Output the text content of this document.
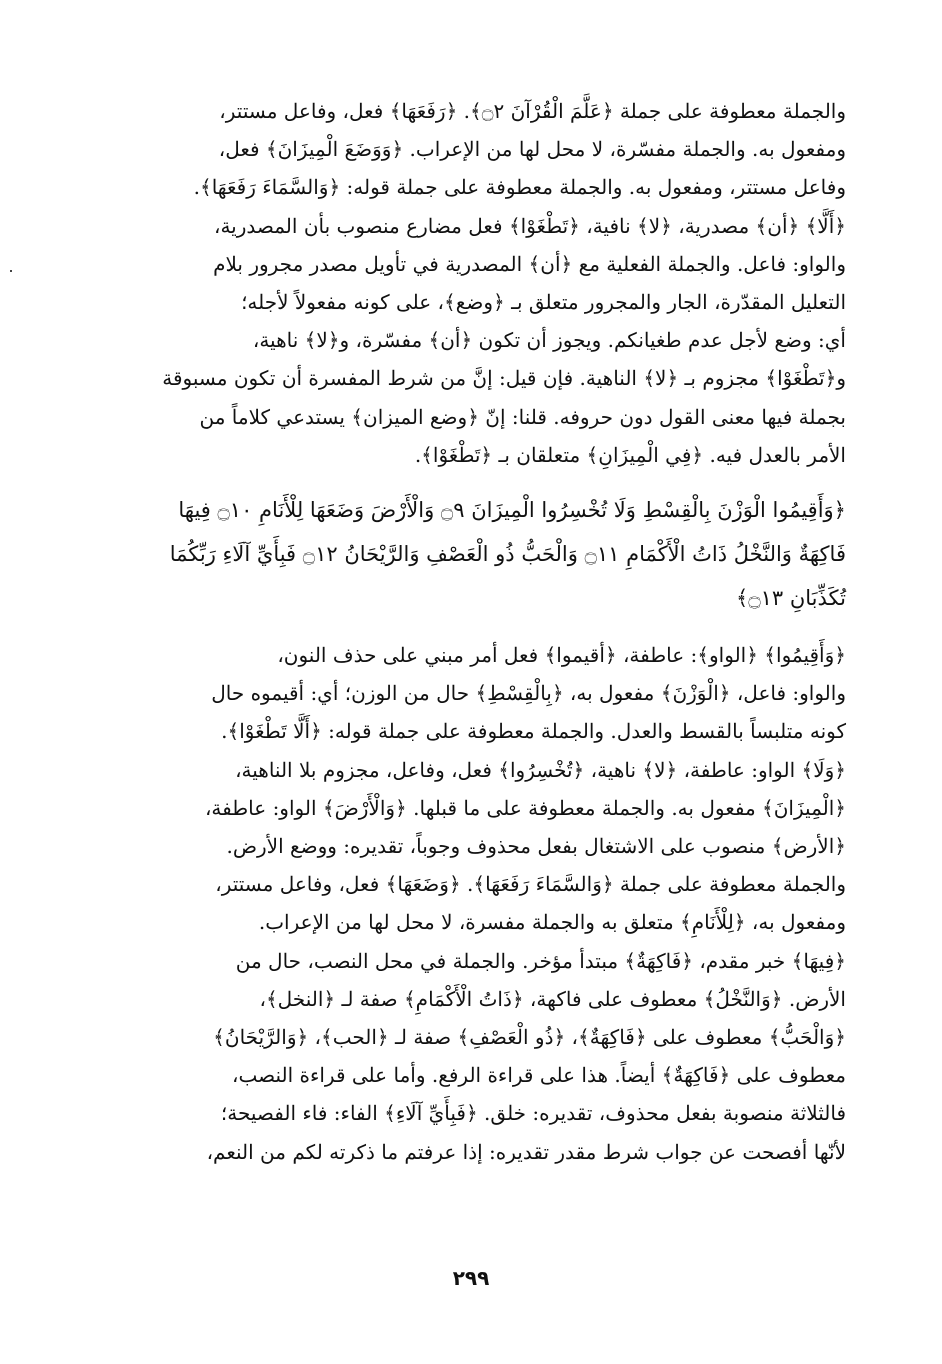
والجملة معطوفة على جملة ﴿عَلَّمَ الْقُرْآنَ ۝٢﴾. ﴿رَفَعَهَا﴾ فعل، وفاعل مستتر،
ومفعول به. والجملة مفسّرة، لا محل لها من الإعراب. ﴿وَوَضَعَ الْمِيزَانَ﴾ فعل،
وفاعل مستتر، ومفعول به. والجملة معطوفة على جملة قوله: ﴿وَالسَّمَاءَ رَفَعَهَا﴾.
﴿أَلَّا﴾ ﴿أن﴾ مصدرية، ﴿لا﴾ نافية، ﴿تَطْغَوْا﴾ فعل مضارع منصوب بأن المصدرية،
والواو: فاعل. والجملة الفعلية مع ﴿أن﴾ المصدرية في تأويل مصدر مجرور بلام
التعليل المقدّرة، الجار والمجرور متعلق بـ ﴿وضع﴾، على كونه مفعولاً لأجله؛
أي: وضع لأجل عدم طغيانكم. ويجوز أن تكون ﴿أن﴾ مفسّرة، و﴿لا﴾ ناهية،
و﴿تَطْغَوْا﴾ مجزوم بـ ﴿لا﴾ الناهية. فإن قيل: إنَّ من شرط المفسرة أن تكون مسبوقة
بجملة فيها معنى القول دون حروفه. قلنا: إنّ ﴿وضع الميزان﴾ يستدعي كلاماً من
الأمر بالعدل فيه. ﴿فِي الْمِيزَانِ﴾ متعلقان بـ ﴿تَطْغَوْا﴾.

﴿وَأَقِيمُوا الْوَزْنَ بِالْقِسْطِ وَلَا تُخْسِرُوا الْمِيزَانَ ۝٩ وَالْأَرْضَ وَضَعَهَا لِلْأَنَامِ ۝١٠ فِيهَا
فَاكِهَةٌ وَالنَّخْلُ ذَاتُ الْأَكْمَامِ ۝١١ وَالْحَبُّ ذُو الْعَصْفِ وَالرَّيْحَانُ ۝١٢ فَبِأَيِّ آلَاءِ رَبِّكُمَا
تُكَذِّبَانِ ۝١٣﴾

﴿وَأَقِيمُوا﴾ ﴿الواو﴾: عاطفة، ﴿أقيموا﴾ فعل أمر مبني على حذف النون،
والواو: فاعل، ﴿الْوَزْنَ﴾ مفعول به، ﴿بِالْقِسْطِ﴾ حال من الوزن؛ أي: أقيموه حال
كونه متلبساً بالقسط والعدل. والجملة معطوفة على جملة قوله: ﴿أَلَّا تَطْغَوْا﴾.
﴿وَلَا﴾ الواو: عاطفة، ﴿لا﴾ ناهية، ﴿تُخْسِرُوا﴾ فعل، وفاعل، مجزوم بلا الناهية،
﴿الْمِيزَانَ﴾ مفعول به. والجملة معطوفة على ما قبلها. ﴿وَالْأَرْضَ﴾ الواو: عاطفة،
﴿الأرض﴾ منصوب على الاشتغال بفعل محذوف وجوباً، تقديره: ووضع الأرض.
والجملة معطوفة على جملة ﴿وَالسَّمَاءَ رَفَعَهَا﴾. ﴿وَضَعَهَا﴾ فعل، وفاعل مستتر،
ومفعول به، ﴿لِلْأَنَامِ﴾ متعلق به والجملة مفسرة، لا محل لها من الإعراب.
﴿فِيهَا﴾ خبر مقدم، ﴿فَاكِهَةٌ﴾ مبتدأ مؤخر. والجملة في محل النصب، حال من
الأرض. ﴿وَالنَّخْلُ﴾ معطوف على فاكهة، ﴿ذَاتُ الْأَكْمَامِ﴾ صفة لـ ﴿النخل﴾،
﴿وَالْحَبُّ﴾ معطوف على ﴿فَاكِهَةٌ﴾، ﴿ذُو الْعَصْفِ﴾ صفة لـ ﴿الحب﴾، ﴿وَالرَّيْحَانُ﴾
معطوف على ﴿فَاكِهَةٌ﴾ أيضاً. هذا على قراءة الرفع. وأما على قراءة النصب،
فالثلاثة منصوبة بفعل محذوف، تقديره: خلق. ﴿فَبِأَيِّ آلَاءِ﴾ الفاء: فاء الفصيحة؛
لأنّها أفصحت عن جواب شرط مقدر تقديره: إذا عرفتم ما ذكرته لكم من النعم،

٢٩٩
